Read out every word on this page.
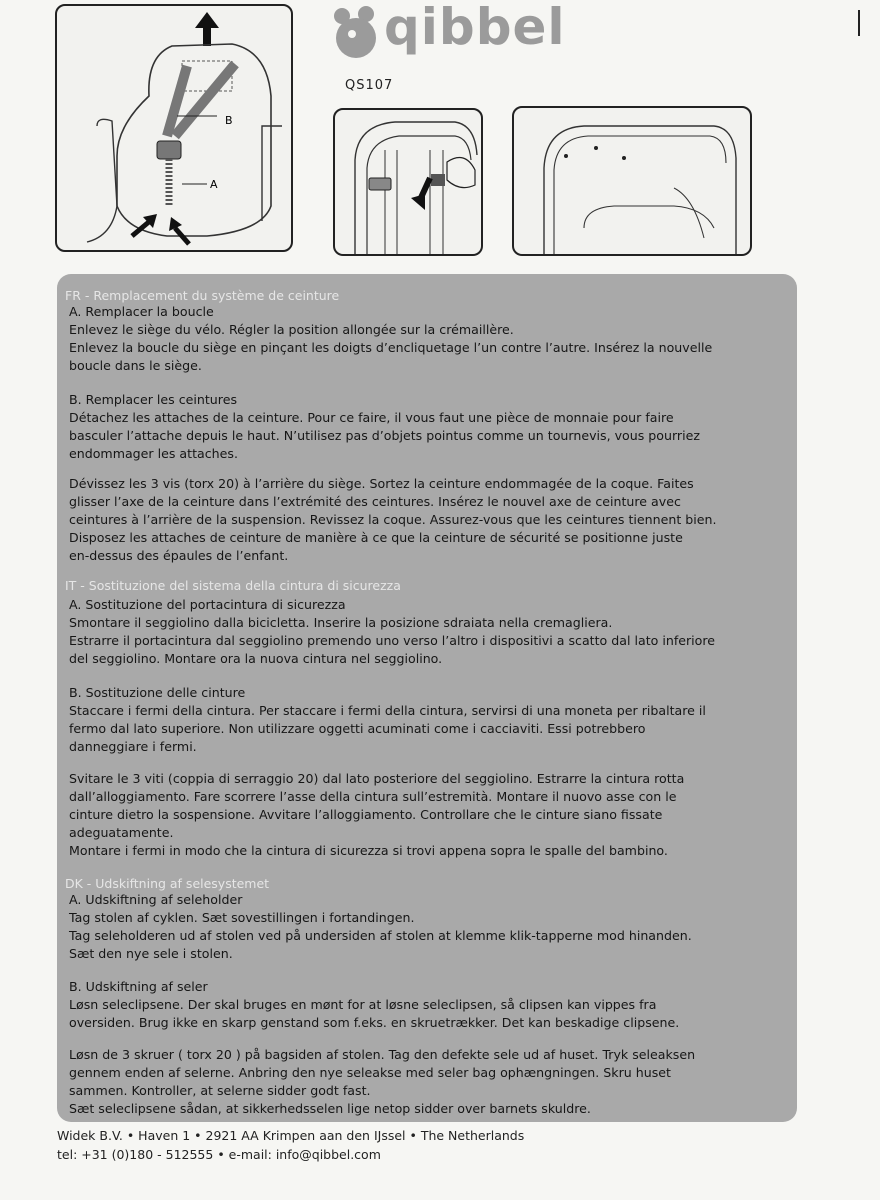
B
A
qibbel
QS107
FR - Remplacement du système de ceinture
A. Remplacer la boucle
Enlevez le siège du vélo. Régler la position allongée sur la crémaillère.
Enlevez la boucle du siège en pinçant les doigts d’encliquetage l’un contre l’autre. Insérez la nouvelle
boucle dans le siège.
B. Remplacer les ceintures
Détachez les attaches de la ceinture. Pour ce faire, il vous faut une pièce de monnaie pour faire
basculer l’attache depuis le haut. N’utilisez pas d’objets pointus comme un tournevis, vous pourriez
endommager les attaches.
Dévissez les 3 vis (torx 20) à l’arrière du siège. Sortez la ceinture endommagée de la coque. Faites
glisser l’axe de la ceinture dans l’extrémité des ceintures. Insérez le nouvel axe de ceinture avec
ceintures à l’arrière de la suspension. Revissez la coque. Assurez-vous que les ceintures tiennent bien.
Disposez les attaches de ceinture de manière à ce que la ceinture de sécurité se positionne juste
en-dessus des épaules de l’enfant.
IT - Sostituzione del sistema della cintura di sicurezza
A. Sostituzione del portacintura di sicurezza
Smontare il seggiolino dalla bicicletta. Inserire la posizione sdraiata nella cremagliera.
Estrarre il portacintura dal seggiolino premendo uno verso l’altro i dispositivi a scatto dal lato inferiore
del seggiolino. Montare ora la nuova cintura nel seggiolino.
B. Sostituzione delle cinture
Staccare i fermi della cintura. Per staccare i fermi della cintura, servirsi di una moneta per ribaltare il
fermo dal lato superiore. Non utilizzare oggetti acuminati come i cacciaviti. Essi potrebbero
danneggiare i fermi.
Svitare le 3 viti (coppia di serraggio 20) dal lato posteriore del seggiolino. Estrarre la cintura rotta
dall’alloggiamento. Fare scorrere l’asse della cintura sull’estremità. Montare il nuovo asse con le
cinture dietro la sospensione. Avvitare l’alloggiamento. Controllare che le cinture siano fissate
adeguatamente.
Montare i fermi in modo che la cintura di sicurezza si trovi appena sopra le spalle del bambino.
DK - Udskiftning af selesystemet
A. Udskiftning af seleholder
Tag stolen af cyklen. Sæt sovestillingen i fortandingen.
Tag seleholderen ud af stolen ved på undersiden af stolen at klemme klik-tapperne mod hinanden.
Sæt den nye sele i stolen.
B. Udskiftning af seler
Løsn seleclipsene. Der skal bruges en mønt for at løsne seleclipsen, så clipsen kan vippes fra
oversiden. Brug ikke en skarp genstand som f.eks. en skruetrækker. Det kan beskadige clipsene.
Løsn de 3 skruer ( torx 20 ) på bagsiden af stolen. Tag den defekte sele ud af huset. Tryk seleaksen
gennem enden af selerne. Anbring den nye seleakse med seler bag ophængningen. Skru huset
sammen. Kontroller, at selerne sidder godt fast.
Sæt seleclipsene sådan, at sikkerhedsselen lige netop sidder over barnets skuldre.
Widek B.V. • Haven 1 • 2921 AA Krimpen aan den IJssel • The Netherlands
tel: +31 (0)180 - 512555 • e-mail: info@qibbel.com
